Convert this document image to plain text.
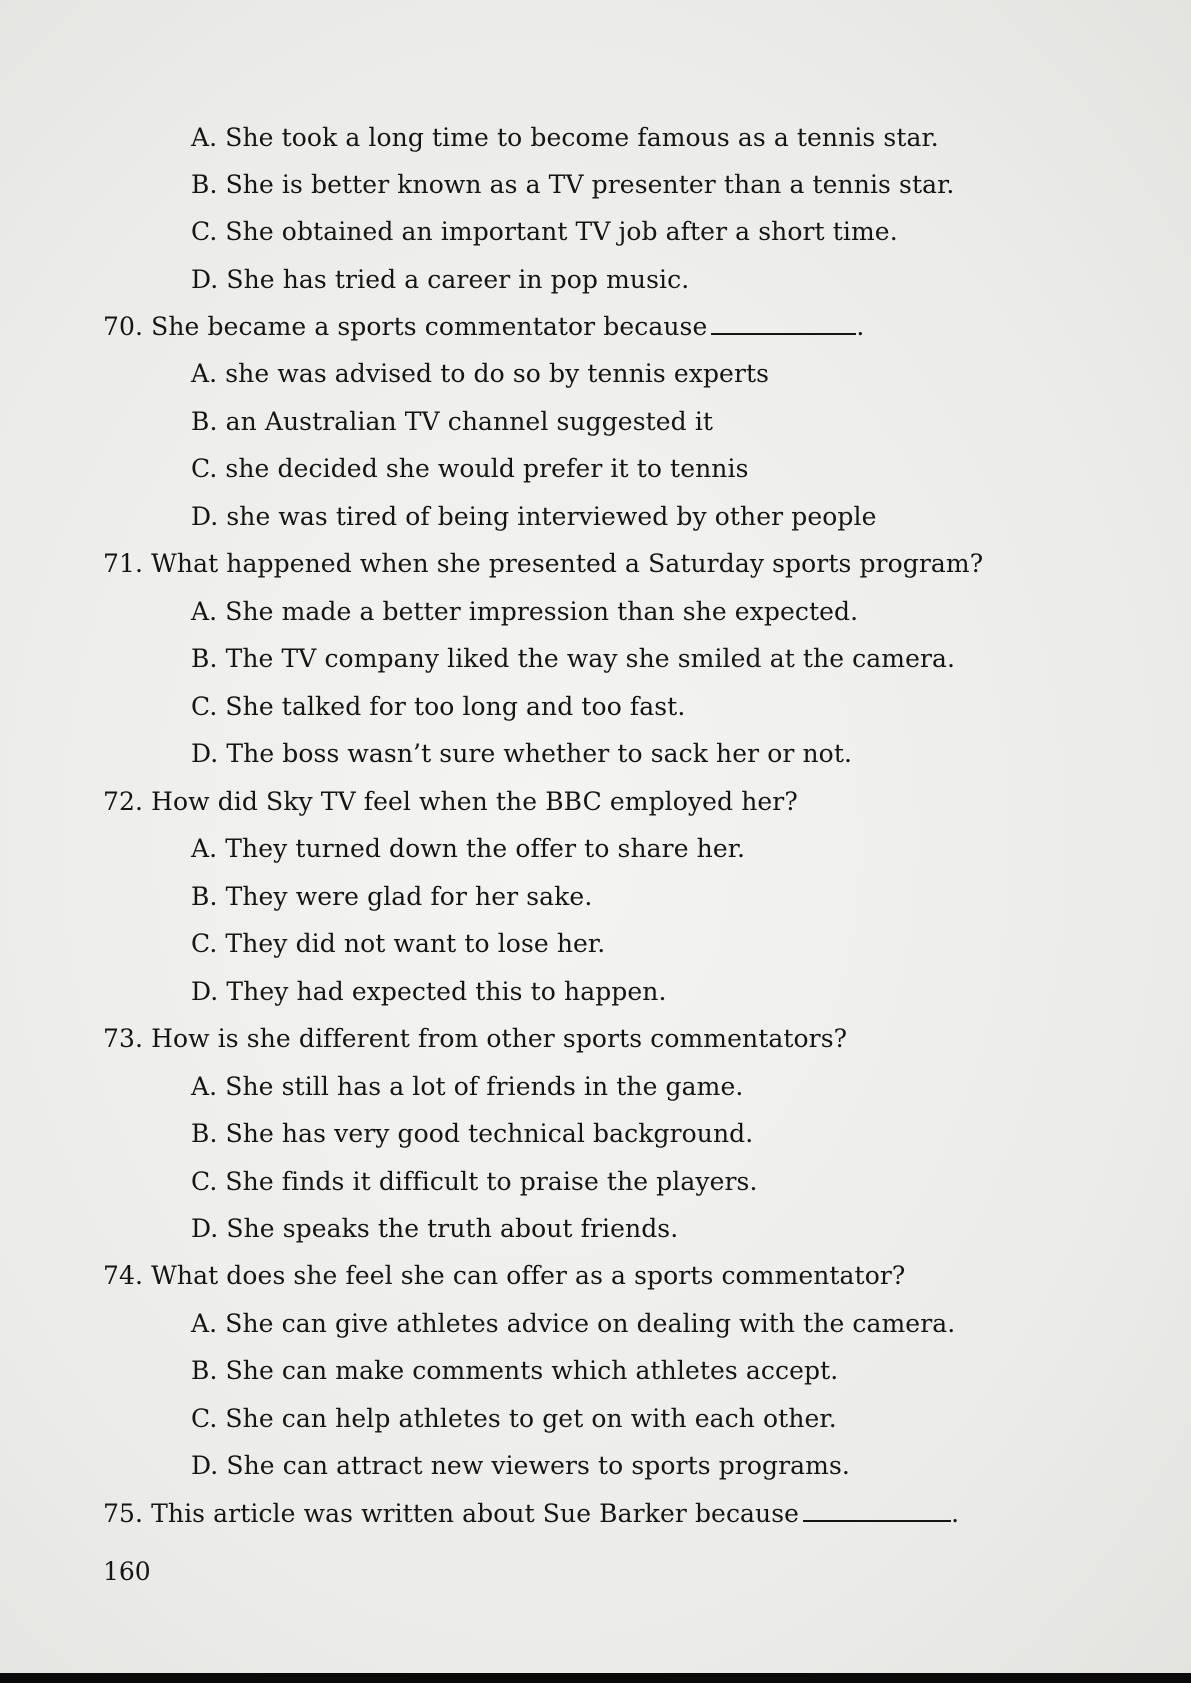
A. She took a long time to become famous as a tennis star.
B. She is better known as a TV presenter than a tennis star.
C. She obtained an important TV job after a short time.
D. She has tried a career in pop music.
70. She became a sports commentator because	.
A. she was advised to do so by tennis experts
B. an Australian TV channel suggested it
C. she decided she would prefer it to tennis
D. she was tired of being interviewed by other people
71. What happened when she presented a Saturday sports program?
A. She made a better impression than she expected.
B. The TV company liked the way she smiled at the camera.
C. She talked for too long and too fast.
D. The boss wasn’t sure whether to sack her or not.
72. How did Sky TV feel when the BBC employed her?
A. They turned down the offer to share her.
B. They were glad for her sake.
C. They did not want to lose her.
D. They had expected this to happen.
73. How is she different from other sports commentators?
A. She still has a lot of friends in the game.
B. She has very good technical background.
C. She finds it difficult to praise the players.
D. She speaks the truth about friends.
74. What does she feel she can offer as a sports commentator?
A. She can give athletes advice on dealing with the camera.
B. She can make comments which athletes accept.
C. She can help athletes to get on with each other.
D. She can attract new viewers to sports programs.
75. This article was written about Sue Barker because	.
160
